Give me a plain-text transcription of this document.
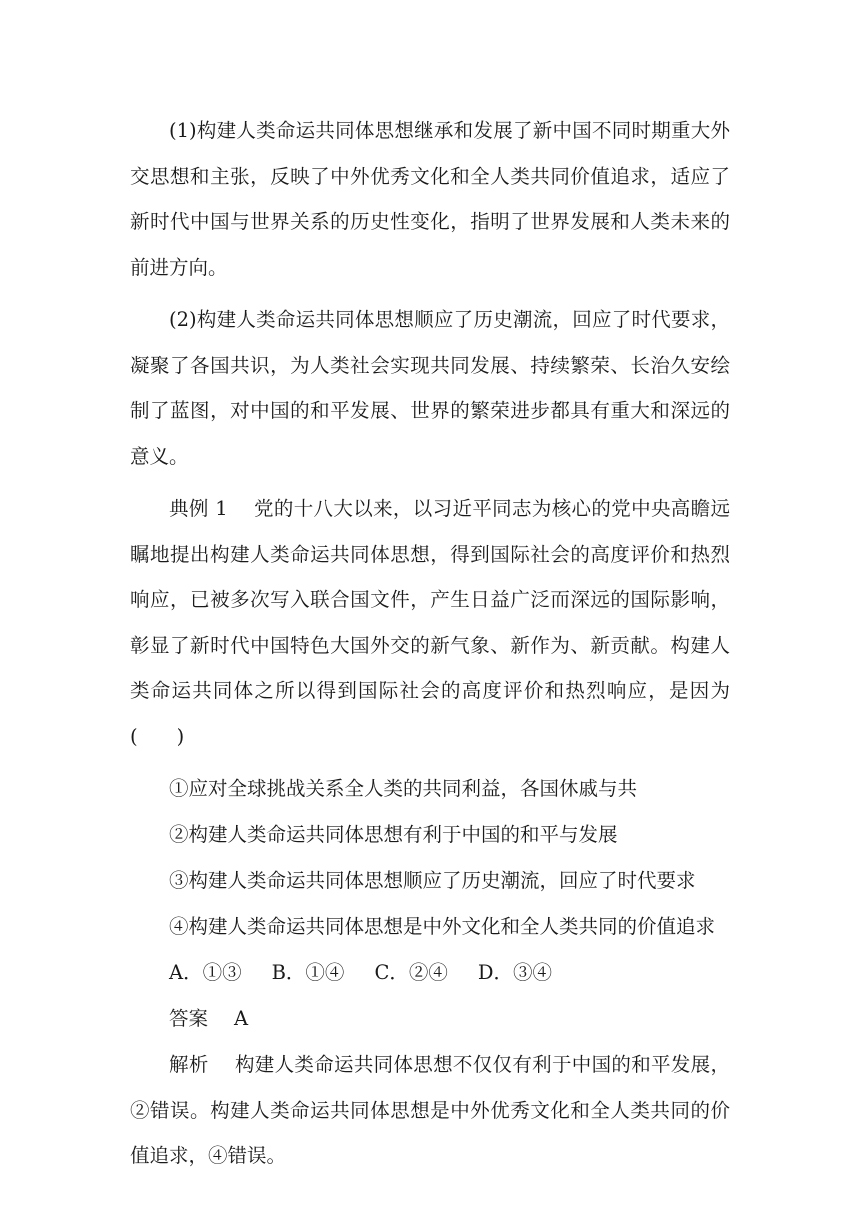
(1)构建人类命运共同体思想继承和发展了新中国不同时期重大外交思想和主张，反映了中外优秀文化和全人类共同价值追求，适应了新时代中国与世界关系的历史性变化，指明了世界发展和人类未来的前进方向。

(2)构建人类命运共同体思想顺应了历史潮流，回应了时代要求，凝聚了各国共识，为人类社会实现共同发展、持续繁荣、长治久安绘制了蓝图，对中国的和平发展、世界的繁荣进步都具有重大和深远的意义。

典例 1 党的十八大以来，以习近平同志为核心的党中央高瞻远瞩地提出构建人类命运共同体思想，得到国际社会的高度评价和热烈响应，已被多次写入联合国文件，产生日益广泛而深远的国际影响，彰显了新时代中国特色大国外交的新气象、新作为、新贡献。构建人类命运共同体之所以得到国际社会的高度评价和热烈响应，是因为(　　)

①应对全球挑战关系全人类的共同利益，各国休戚与共

②构建人类命运共同体思想有利于中国的和平与发展

③构建人类命运共同体思想顺应了历史潮流，回应了时代要求

④构建人类命运共同体思想是中外文化和全人类共同的价值追求

A．①③ B．①④ C．②④ D．③④

答案 A

解析 构建人类命运共同体思想不仅仅有利于中国的和平发展，②错误。构建人类命运共同体思想是中外优秀文化和全人类共同的价值追求，④错误。
